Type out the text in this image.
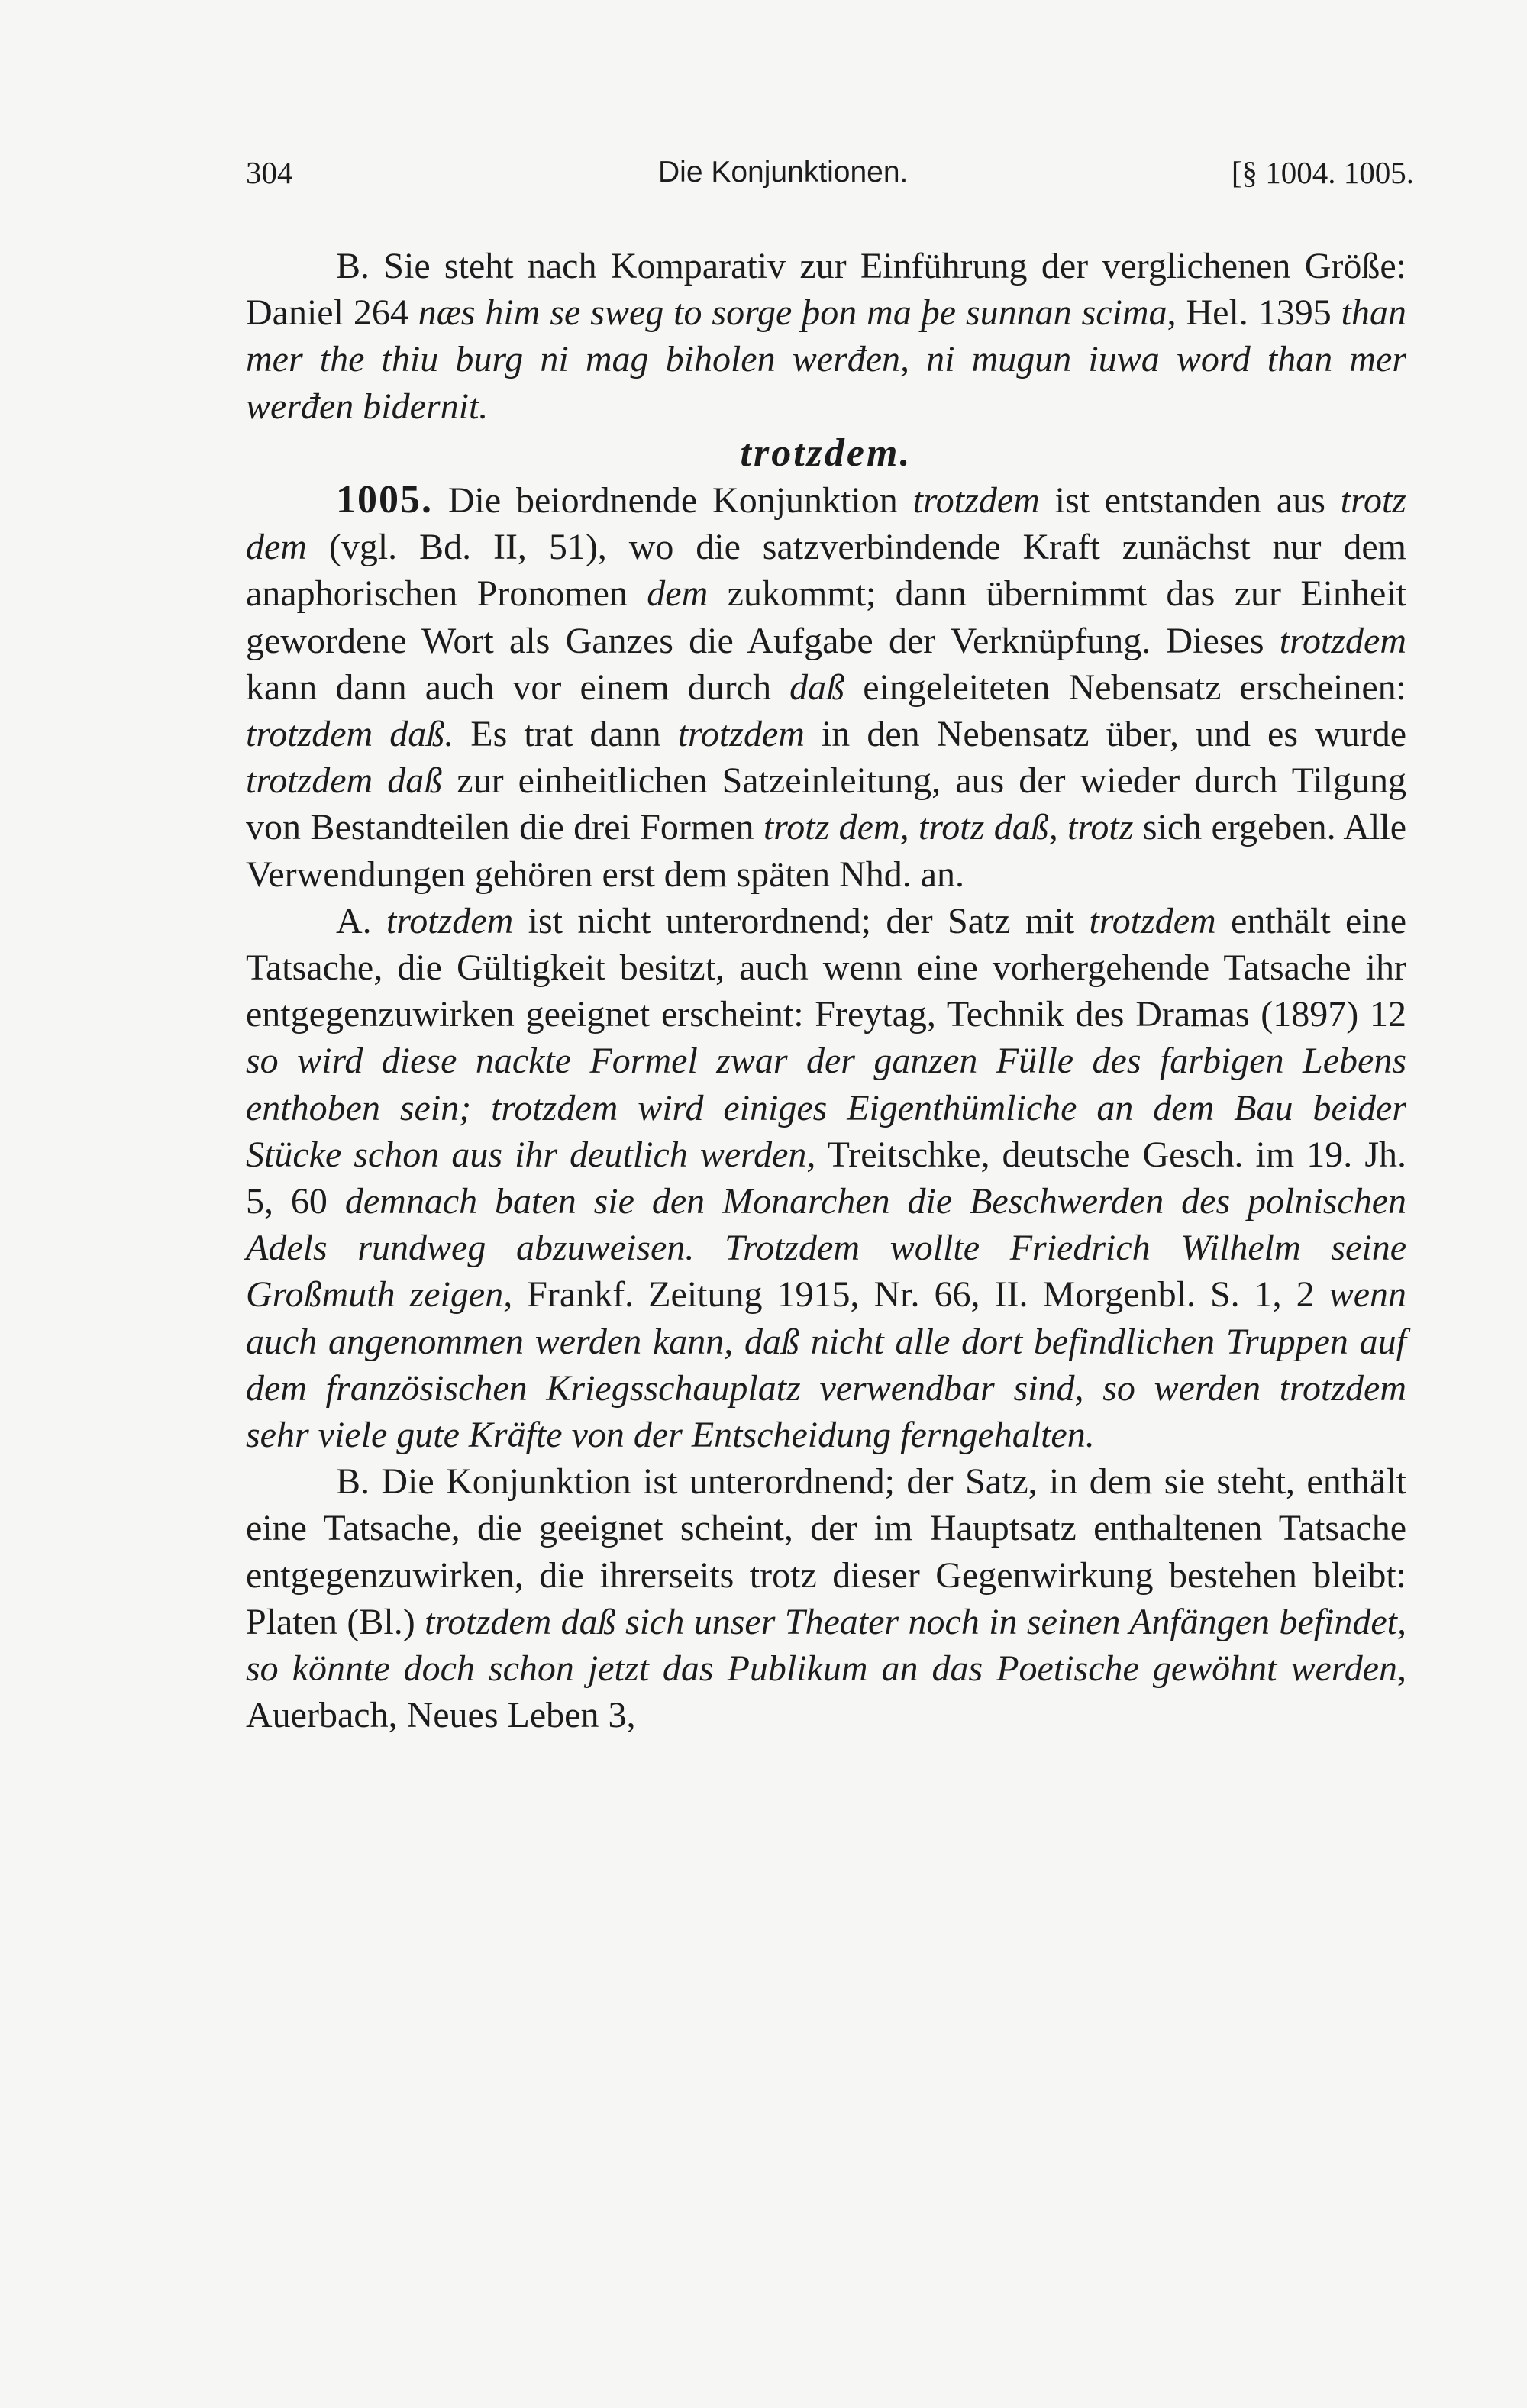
304	Die Konjunktionen.	[§ 1004. 1005.

B. Sie steht nach Komparativ zur Einführung der verglichenen Größe: Daniel 264 næs him se sweg to sorge þon ma þe sunnan scima, Hel. 1395 than mer the thiu burg ni mag biholen werđen, ni mugun iuwa word than mer werđen bidernit.

trotzdem.

1005. Die beiordnende Konjunktion trotzdem ist entstanden aus trotz dem (vgl. Bd. II, 51), wo die satzverbindende Kraft zunächst nur dem anaphorischen Pronomen dem zukommt; dann übernimmt das zur Einheit gewordene Wort als Ganzes die Aufgabe der Verknüpfung. Dieses trotzdem kann dann auch vor einem durch daß eingeleiteten Nebensatz erscheinen: trotzdem daß. Es trat dann trotzdem in den Nebensatz über, und es wurde trotzdem daß zur einheitlichen Satzeinleitung, aus der wieder durch Tilgung von Bestandteilen die drei Formen trotz dem, trotz daß, trotz sich ergeben. Alle Verwendungen gehören erst dem späten Nhd. an.

A. trotzdem ist nicht unterordnend; der Satz mit trotzdem enthält eine Tatsache, die Gültigkeit besitzt, auch wenn eine vorhergehende Tatsache ihr entgegenzuwirken geeignet erscheint: Freytag, Technik des Dramas (1897) 12 so wird diese nackte Formel zwar der ganzen Fülle des farbigen Lebens enthoben sein; trotzdem wird einiges Eigenthümliche an dem Bau beider Stücke schon aus ihr deutlich werden, Treitschke, deutsche Gesch. im 19. Jh. 5, 60 demnach baten sie den Monarchen die Beschwerden des polnischen Adels rundweg abzuweisen. Trotzdem wollte Friedrich Wilhelm seine Großmuth zeigen, Frankf. Zeitung 1915, Nr. 66, II. Morgenbl. S. 1, 2 wenn auch angenommen werden kann, daß nicht alle dort befindlichen Truppen auf dem französischen Kriegsschauplatz verwendbar sind, so werden trotzdem sehr viele gute Kräfte von der Entscheidung ferngehalten.

B. Die Konjunktion ist unterordnend; der Satz, in dem sie steht, enthält eine Tatsache, die geeignet scheint, der im Hauptsatz enthaltenen Tatsache entgegenzuwirken, die ihrerseits trotz dieser Gegenwirkung bestehen bleibt: Platen (Bl.) trotzdem daß sich unser Theater noch in seinen Anfängen befindet, so könnte doch schon jetzt das Publikum an das Poetische gewöhnt werden, Auerbach, Neues Leben 3,
